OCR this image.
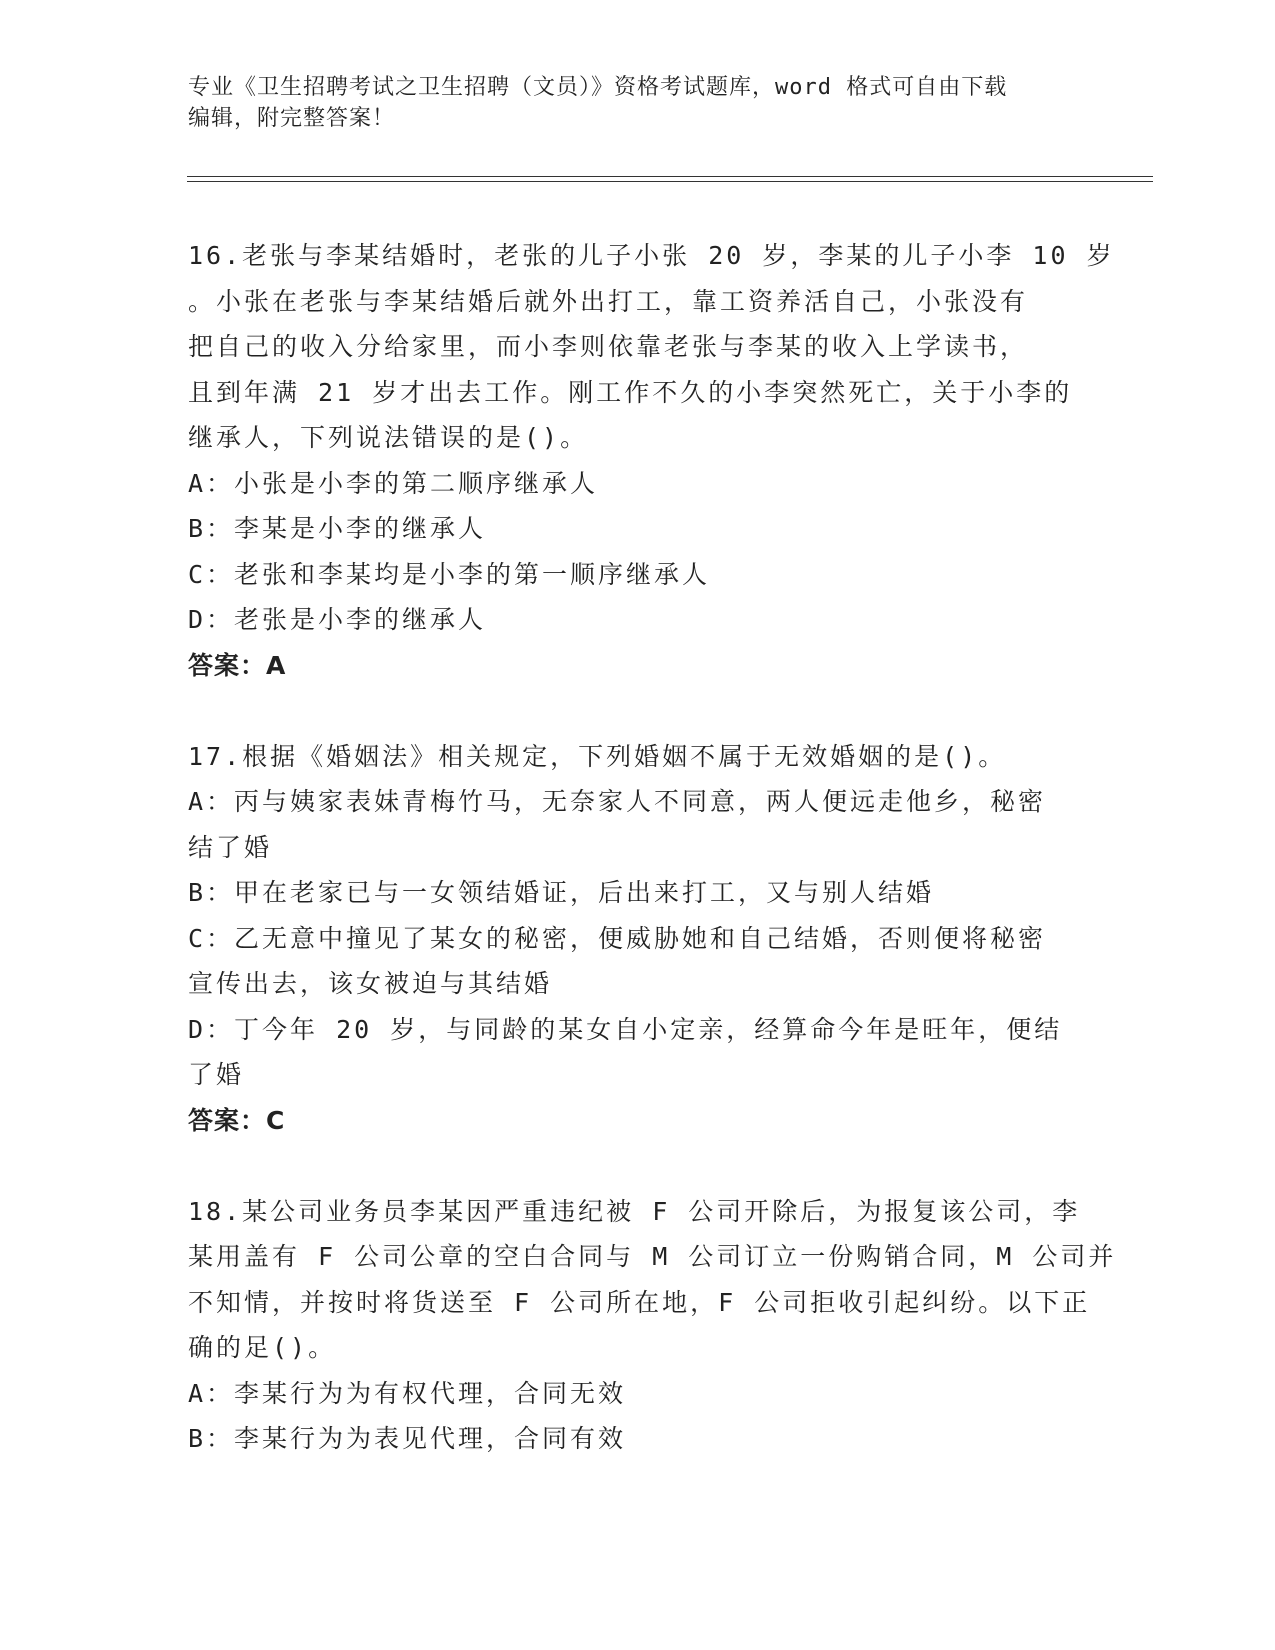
专业《卫生招聘考试之卫生招聘（文员）》资格考试题库，word 格式可自由下载
编辑，附完整答案！
16.老张与李某结婚时，老张的儿子小张 20 岁，李某的儿子小李 10 岁
。小张在老张与李某结婚后就外出打工，靠工资养活自己，小张没有
把自己的收入分给家里，而小李则依靠老张与李某的收入上学读书，
且到年满 21 岁才出去工作。刚工作不久的小李突然死亡，关于小李的
继承人，下列说法错误的是()。
A：小张是小李的第二顺序继承人
B：李某是小李的继承人
C：老张和李某均是小李的第一顺序继承人
D：老张是小李的继承人
答案：A
17.根据《婚姻法》相关规定，下列婚姻不属于无效婚姻的是()。
A：丙与姨家表妹青梅竹马，无奈家人不同意，两人便远走他乡，秘密
结了婚
B：甲在老家已与一女领结婚证，后出来打工，又与别人结婚
C：乙无意中撞见了某女的秘密，便威胁她和自己结婚，否则便将秘密
宣传出去，该女被迫与其结婚
D：丁今年 20 岁，与同龄的某女自小定亲，经算命今年是旺年，便结
了婚
答案：C
18.某公司业务员李某因严重违纪被 F 公司开除后，为报复该公司，李
某用盖有 F 公司公章的空白合同与 M 公司订立一份购销合同，M 公司并
不知情，并按时将货送至 F 公司所在地，F 公司拒收引起纠纷。以下正
确的足()。
A：李某行为为有权代理，合同无效
B：李某行为为表见代理，合同有效
